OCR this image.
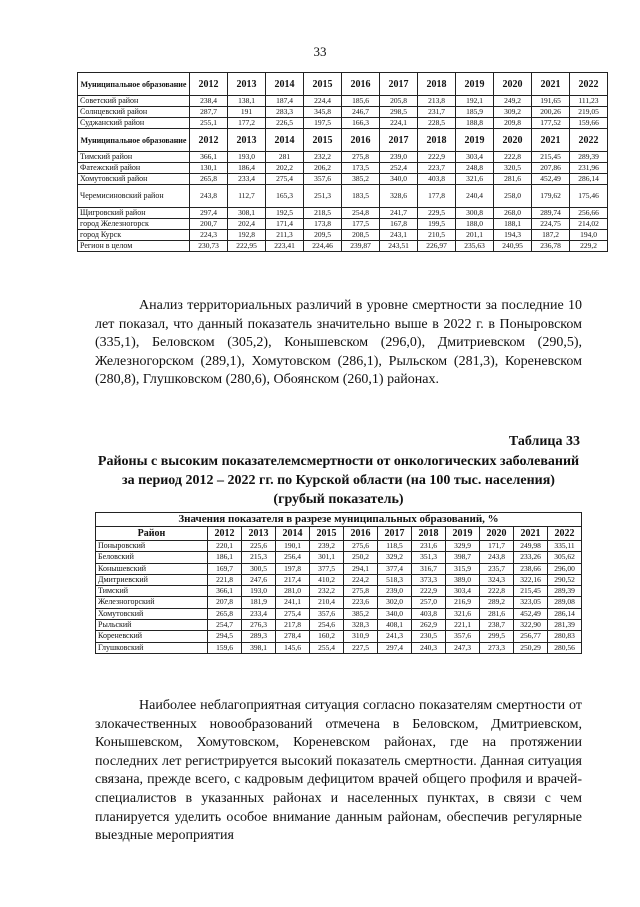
33
Муниципальное образование	2012	2013	2014	2015	2016	2017	2018	2019	2020	2021	2022
Советский район	238,4	138,1	187,4	224,4	185,6	205,8	213,8	192,1	249,2	191,65	111,23
Солнцевский район	287,7	191	283,3	345,8	246,7	298,5	231,7	185,9	309,2	200,26	219,05
Суджанский район	255,1	177,2	226,5	197,5	166,3	224,1	228,5	188,8	209,8	177,52	159,66
Муниципальное образование	2012	2013	2014	2015	2016	2017	2018	2019	2020	2021	2022
Тимский район	366,1	193,0	281	232,2	275,8	239,0	222,9	303,4	222,8	215,45	289,39
Фатежский район	130,1	186,4	202,2	206,2	173,5	252,4	223,7	248,8	320,5	207,86	231,96
Хомутовский район	265,8	233,4	275,4	357,6	385,2	340,0	403,8	321,6	281,6	452,49	286,14
Черемисиновский район	243,8	112,7	165,3	251,3	183,5	328,6	177,8	240,4	258,0	179,62	175,46
Щигровский район	297,4	308,1	192,5	218,5	254,8	241,7	229,5	300,8	268,0	289,74	256,66
город Железногорск	200,7	202,4	171,4	173,8	177,5	167,8	199,5	188,0	188,1	224,75	214,02
город Курск	224,3	192,8	211,3	209,5	208,5	243,1	210,5	201,1	194,3	187,2	194,0
Регион в целом	230,73	222,95	223,41	224,46	239,87	243,51	226,97	235,63	240,95	236,78	229,2
Анализ территориальных различий в уровне смертности за последние 10 лет показал, что данный показатель значительно выше в 2022 г. в Поныровском (335,1), Беловском (305,2), Конышевском (296,0), Дмитриевском (290,5), Железногорском (289,1), Хомутовском (286,1), Рыльском (281,3), Кореневском (280,8), Глушковском (280,6), Обоянском (260,1) районах.
Таблица 33
Районы с высоким показателемсмертности от онкологических заболеваний за период 2012 – 2022 гг. по Курской области (на 100 тыс. населения) (грубый показатель)
Значения показателя в разрезе муниципальных образований, %											
Район	2012	2013	2014	2015	2016	2017	2018	2019	2020	2021	2022
Поныровский	220,1	225,6	190,1	239,2	275,6	118,5	231,6	329,9	171,7	249,98	335,11
Беловский	186,1	215,3	256,4	301,1	250,2	329,2	351,3	398,7	243,8	233,26	305,62
Конышевский	169,7	300,5	197,8	377,5	294,1	377,4	316,7	315,9	235,7	238,66	296,00
Дмитриевский	221,8	247,6	217,4	410,2	224,2	518,3	373,3	389,0	324,3	322,16	290,52
Тимский	366,1	193,0	281,0	232,2	275,8	239,0	222,9	303,4	222,8	215,45	289,39
Железногорский	207,8	181,9	241,1	210,4	223,6	302,0	257,0	216,9	289,2	323,05	289,08
Хомутовский	265,8	233,4	275,4	357,6	385,2	340,0	403,8	321,6	281,6	452,49	286,14
Рыльский	254,7	276,3	217,8	254,6	328,3	408,1	262,9	221,1	238,7	322,90	281,39
Кореневский	294,5	289,3	278,4	160,2	310,9	241,3	230,5	357,6	299,5	256,77	280,83
Глушковский	159,6	398,1	145,6	255,4	227,5	297,4	240,3	247,3	273,3	250,29	280,56
Наиболее неблагоприятная ситуация согласно показателям смертности от злокачественных новообразований отмечена в Беловском, Дмитриевском, Конышевском, Хомутовском, Кореневском районах, где на протяжении последних лет регистрируется высокий показатель смертности. Данная ситуация связана, прежде всего, с кадровым дефицитом врачей общего профиля и врачей-специалистов в указанных районах и населенных пунктах, в связи с чем планируется уделить особое внимание данным районам, обеспечив регулярные выездные мероприятия
